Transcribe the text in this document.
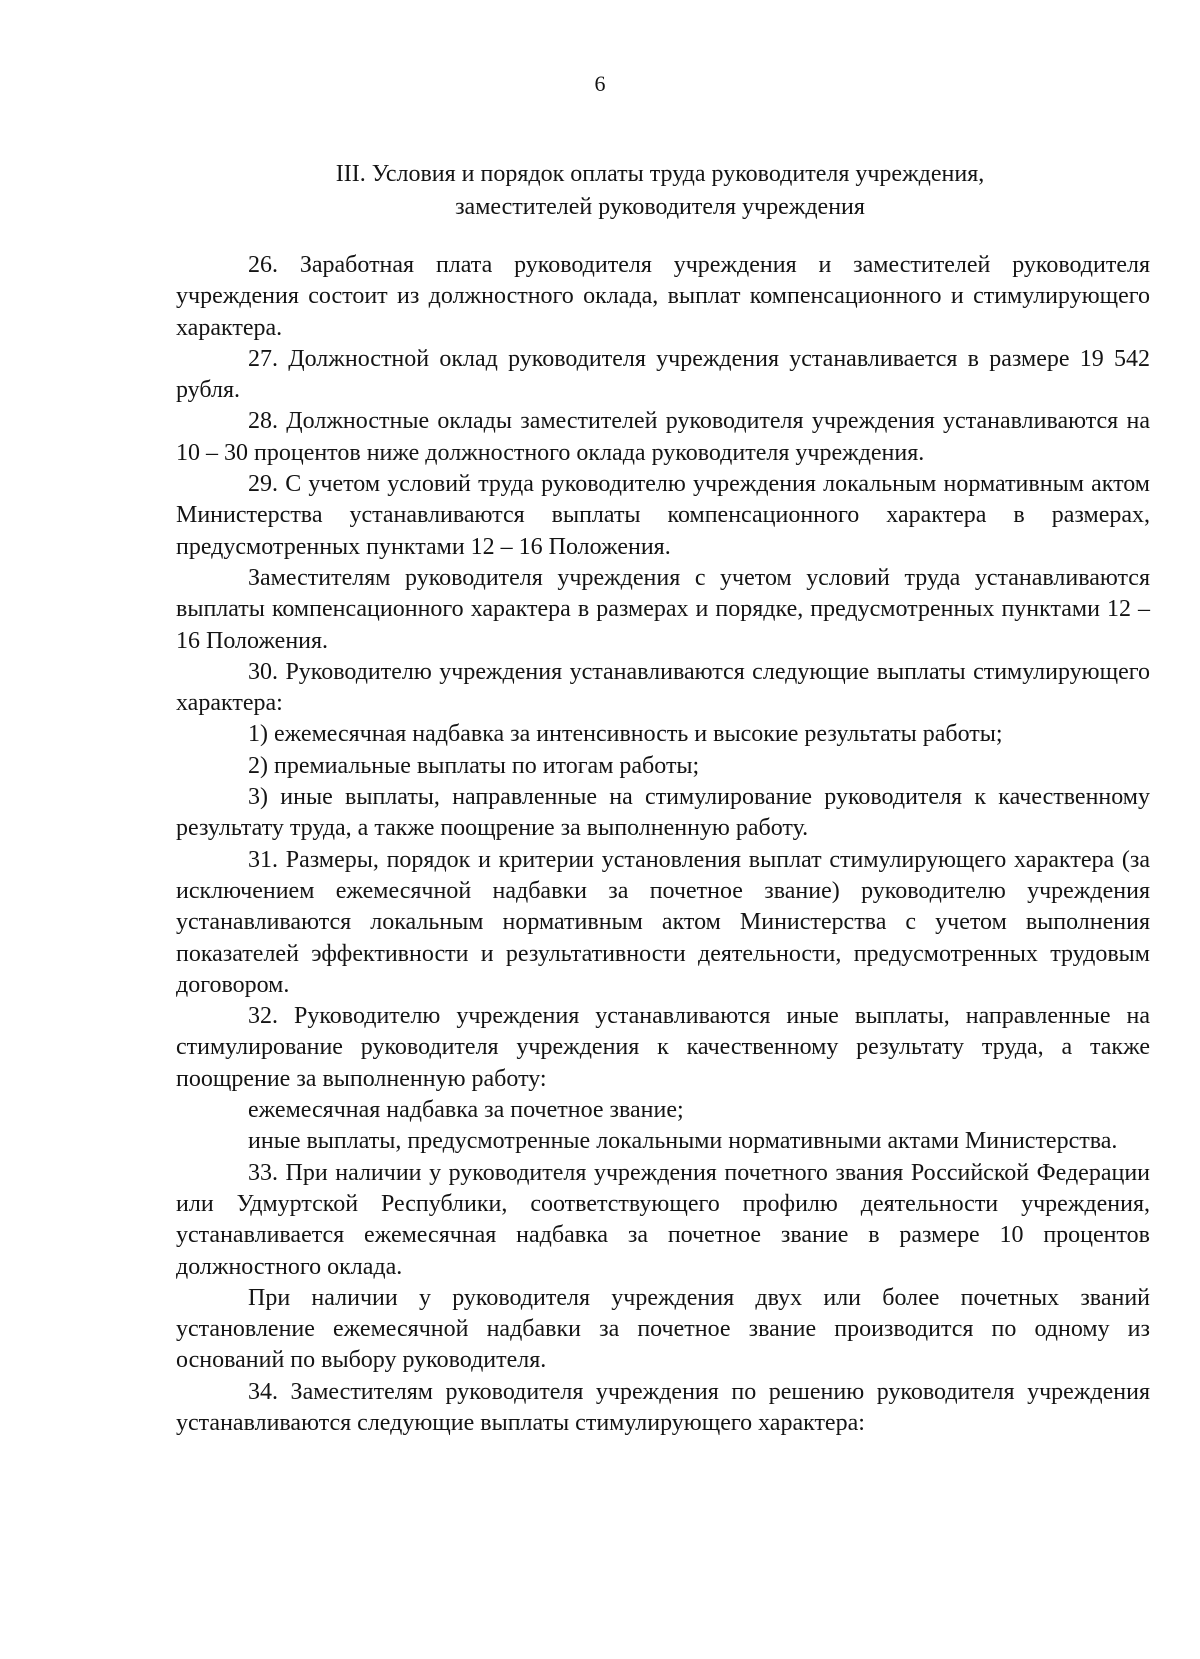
6
III. Условия и порядок оплаты труда руководителя учреждения,
заместителей руководителя учреждения

26. Заработная плата руководителя учреждения и заместителей руководителя учреждения состоит из должностного оклада, выплат компенсационного и стимулирующего характера.

27. Должностной оклад руководителя учреждения устанавливается в размере 19 542 рубля.

28. Должностные оклады заместителей руководителя учреждения устанавливаются на 10 – 30 процентов ниже должностного оклада руководителя учреждения.

29. С учетом условий труда руководителю учреждения локальным нормативным актом Министерства устанавливаются выплаты компенсационного характера в размерах, предусмотренных пунктами 12 – 16 Положения.

Заместителям руководителя учреждения с учетом условий труда устанавливаются выплаты компенсационного характера в размерах и порядке, предусмотренных пунктами 12 – 16 Положения.

30. Руководителю учреждения устанавливаются следующие выплаты стимулирующего характера:

1) ежемесячная надбавка за интенсивность и высокие результаты работы;

2) премиальные выплаты по итогам работы;

3) иные выплаты, направленные на стимулирование руководителя к качественному результату труда, а также поощрение за выполненную работу.

31. Размеры, порядок и критерии установления выплат стимулирующего характера (за исключением ежемесячной надбавки за почетное звание) руководителю учреждения устанавливаются локальным нормативным актом Министерства с учетом выполнения показателей эффективности и результативности деятельности, предусмотренных трудовым договором.

32. Руководителю учреждения устанавливаются иные выплаты, направленные на стимулирование руководителя учреждения к качественному результату труда, а также поощрение за выполненную работу:

ежемесячная надбавка за почетное звание;

иные выплаты, предусмотренные локальными нормативными актами Министерства.

33. При наличии у руководителя учреждения почетного звания Российской Федерации или Удмуртской Республики, соответствующего профилю деятельности учреждения, устанавливается ежемесячная надбавка за почетное звание в размере 10 процентов должностного оклада.

При наличии у руководителя учреждения двух или более почетных званий установление ежемесячной надбавки за почетное звание производится по одному из оснований по выбору руководителя.

34. Заместителям руководителя учреждения по решению руководителя учреждения устанавливаются следующие выплаты стимулирующего характера:
